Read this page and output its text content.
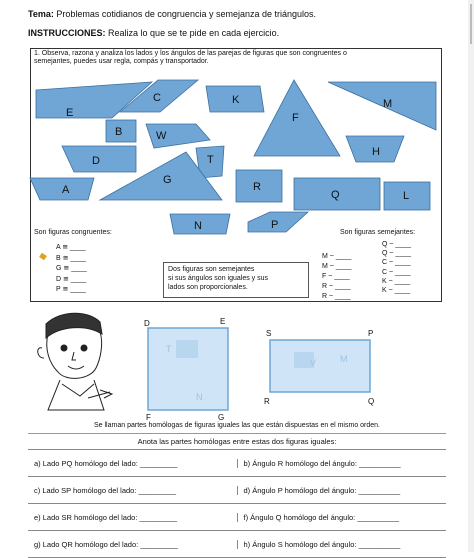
Tema: Problemas cotidianos de congruencia y semejanza de triángulos.
INSTRUCCIONES: Realiza lo que se te pide en cada ejercicio.
1. Observa, razona y analiza los lados y los ángulos de las parejas de figuras que son congruentes o
semejantes, puedes usar regla, compás y transportador.
E
C	K
F
M
B	W
H
D	T
G
A	R
Q	L
N	P
Son figuras congruentes:
A ≅ ____
B ≅ ____
G ≅ ____
D ≅ ____
P ≅ ____
Dos figuras son semejantes
si sus ángulos son iguales y sus
lados son proporcionales.
Son figuras semejantes:
M ~ ____
M ~ ____
F ~ ____
R ~ ____
R ~ ____
Q ~ ____
Q ~ ____
C ~ ____
C ~ ____
K ~ ____
K ~ ____
D	E
F	G
T
S	P
R	Q
V	M
N
Se llaman partes homólogas de figuras iguales las que están dispuestas en el mismo orden.
Anota las partes homólogas entre estas dos figuras iguales:
a) Lado PQ homólogo del lado: _________	b) Ángulo R homólogo del ángulo: __________
c) Lado SP homólogo del lado: _________	d) Ángulo P homólogo del ángulo: __________
e) Lado SR homólogo del lado: _________	f) Ángulo Q homólogo del ángulo: __________
g) Lado QR homólogo del lado: _________	h) Ángulo S homólogo del ángulo: __________
